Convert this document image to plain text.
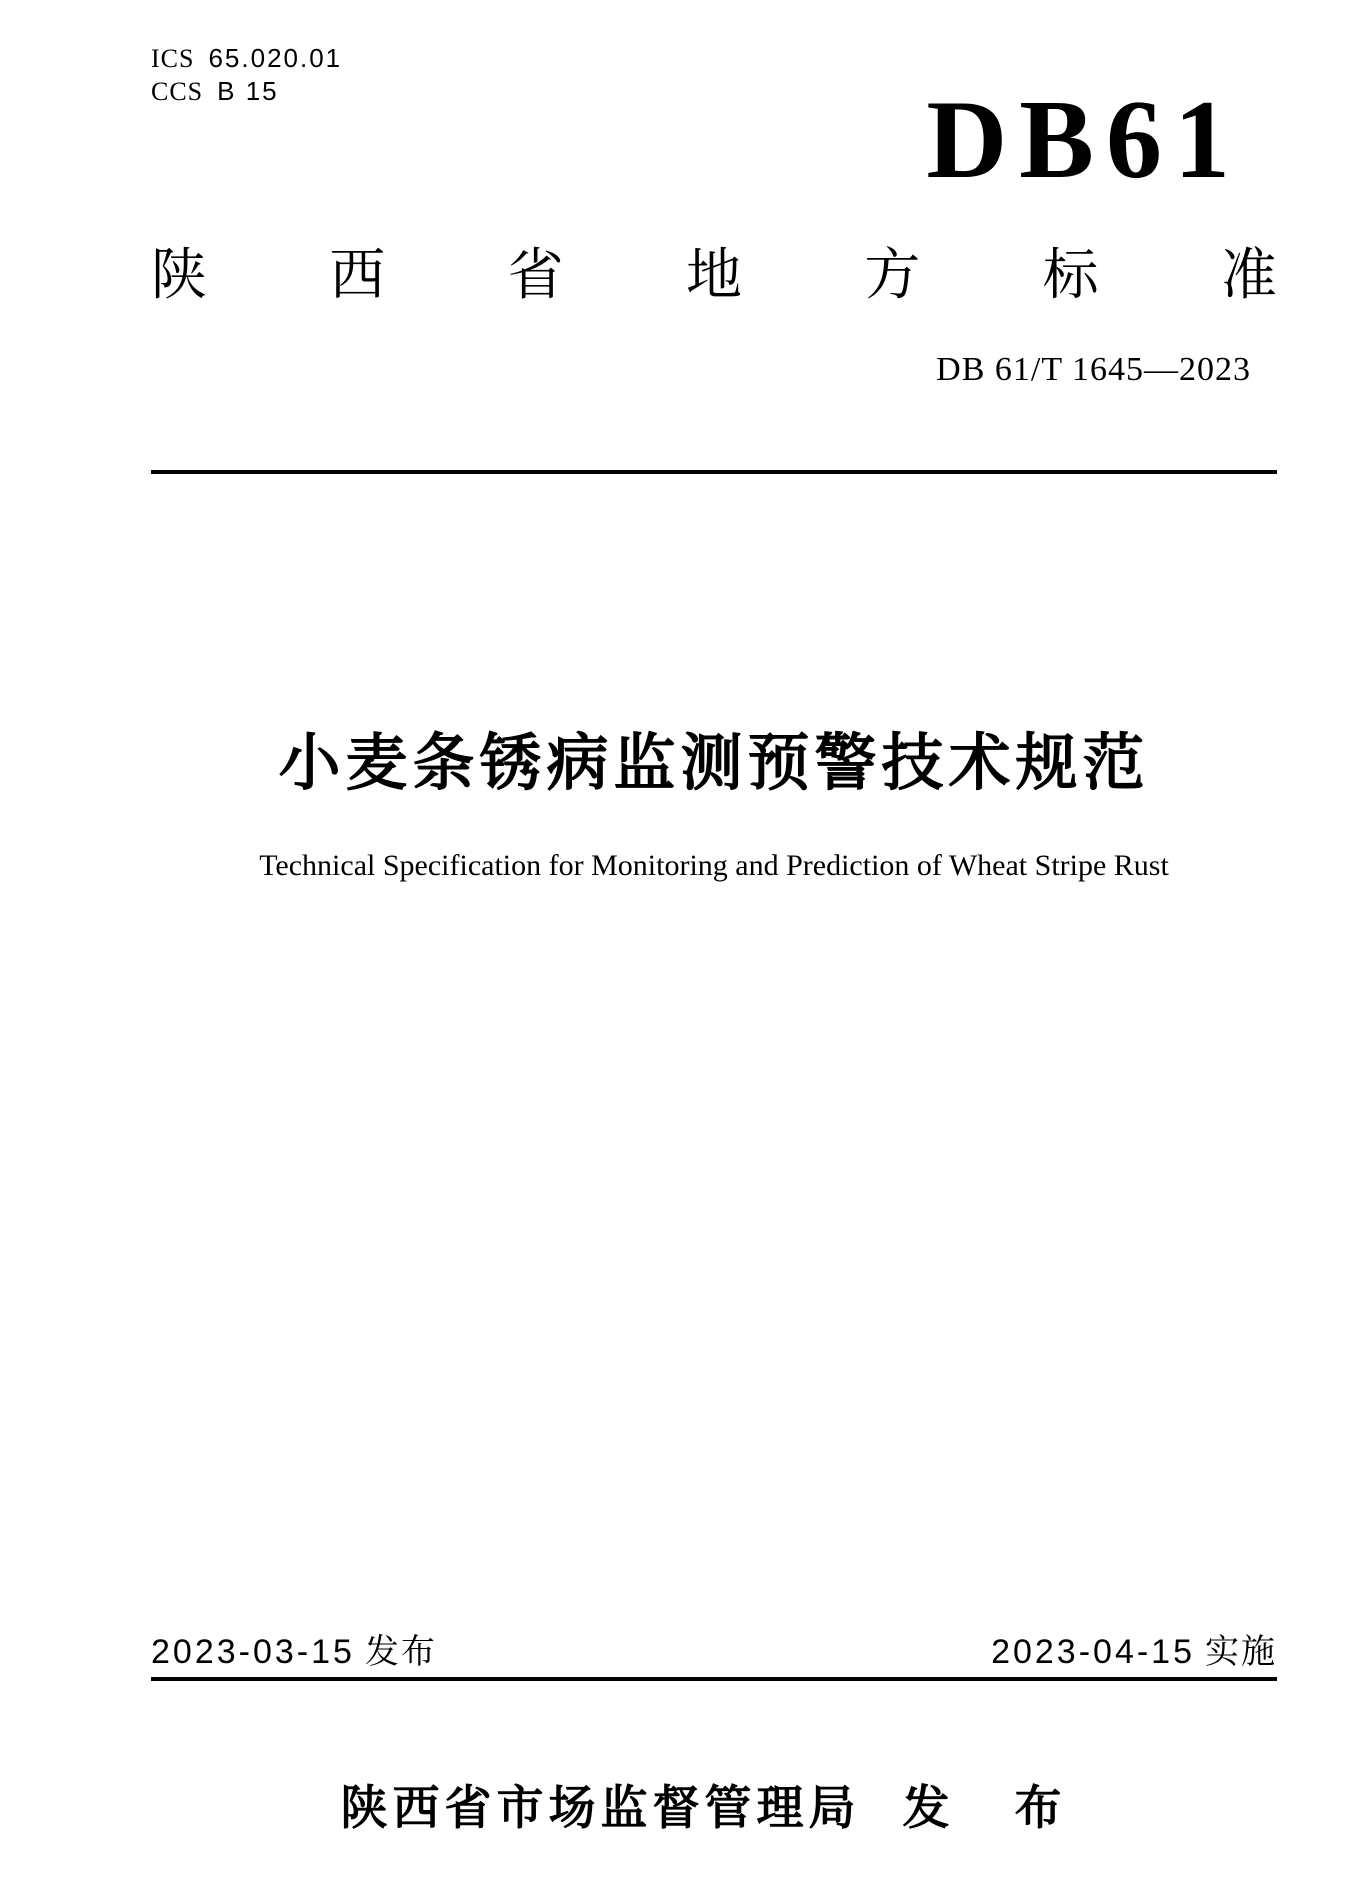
ICS 65.020.01
CCS B 15	DB61
陕 西 省 地 方 标 准
DB 61/T 1645—2023
小麦条锈病监测预警技术规范
Technical Specification for Monitoring and Prediction of Wheat Stripe Rust
2023-03-15 发布	2023-04-15 实施
陕西省市场监督管理局 发 布
